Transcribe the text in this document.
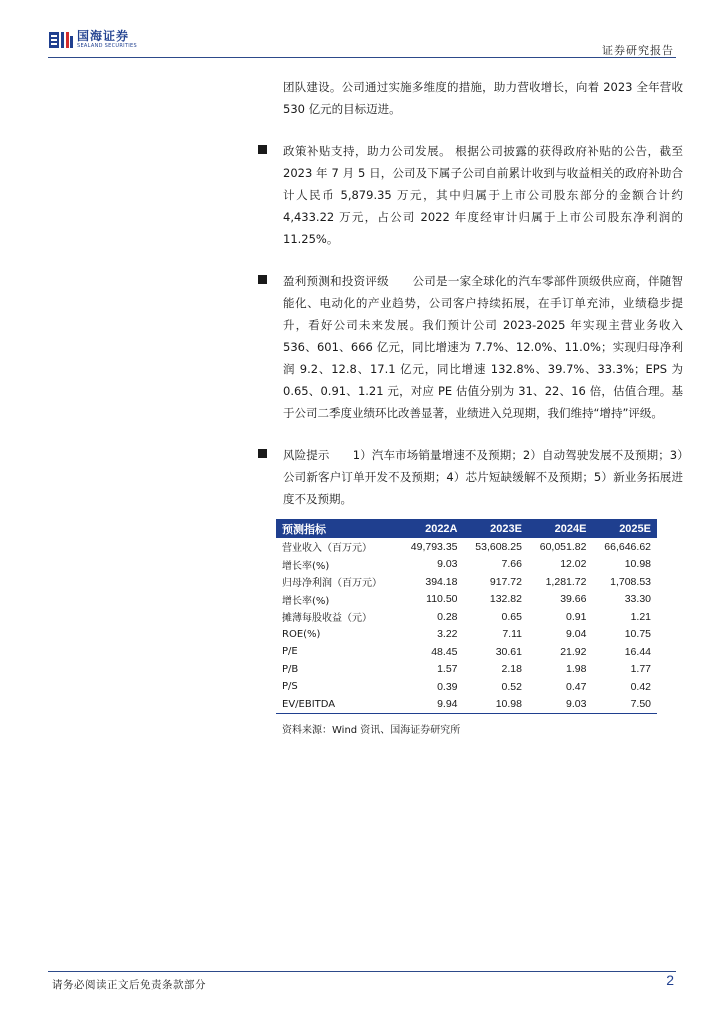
国海证券
SEALAND SECURITIES	证券研究报告
团队建设。公司通过实施多维度的措施，助力营收增长，向着 2023 全年营收 530 亿元的目标迈进。
政策补贴支持，助力公司发展。 根据公司披露的获得政府补贴的公告，截至 2023 年 7 月 5 日，公司及下属子公司自前累计收到与收益相关的政府补助合计人民币 5,879.35 万元，其中归属于上市公司股东部分的金额合计约 4,433.22 万元，占公司 2022 年度经审计归属于上市公司股东净利润的 11.25%。
盈利预测和投资评级　　公司是一家全球化的汽车零部件顶级供应商，伴随智能化、电动化的产业趋势，公司客户持续拓展，在手订单充沛，业绩稳步提升，看好公司未来发展。我们预计公司 2023-2025 年实现主营业务收入 536、601、666 亿元，同比增速为 7.7%、12.0%、11.0%；实现归母净利润 9.2、12.8、17.1 亿元，同比增速 132.8%、39.7%、33.3%；EPS 为 0.65、0.91、1.21 元，对应 PE 估值分别为 31、22、16 倍，估值合理。基于公司二季度业绩环比改善显著，业绩进入兑现期，我们维持“增持”评级。
风险提示　　1）汽车市场销量增速不及预期；2）自动驾驶发展不及预期；3）公司新客户订单开发不及预期；4）芯片短缺缓解不及预期；5）新业务拓展进度不及预期。
预测指标	2022A	2023E	2024E	2025E
营业收入（百万元）	49,793.35	53,608.25	60,051.82	66,646.62
增长率(%)	9.03	7.66	12.02	10.98
归母净利润（百万元）	394.18	917.72	1,281.72	1,708.53
增长率(%)	110.50	132.82	39.66	33.30
摊薄每股收益（元）	0.28	0.65	0.91	1.21
ROE(%)	3.22	7.11	9.04	10.75
P/E	48.45	30.61	21.92	16.44
P/B	1.57	2.18	1.98	1.77
P/S	0.39	0.52	0.47	0.42
EV/EBITDA	9.94	10.98	9.03	7.50
资料来源：Wind 资讯、国海证券研究所
请务必阅读正文后免责条款部分	2
